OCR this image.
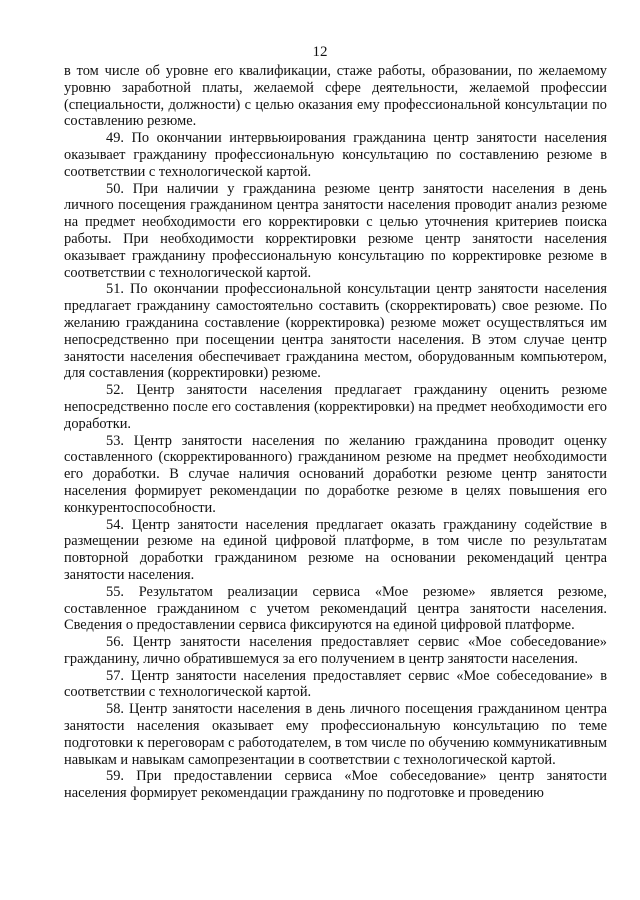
12

в том числе об уровне его квалификации, стаже работы, образовании, по желаемому уровню заработной платы, желаемой сфере деятельности, желаемой профессии (специальности, должности) с целью оказания ему профессиональной консультации по составлению резюме.

49. По окончании интервьюирования гражданина центр занятости населения оказывает гражданину профессиональную консультацию по составлению резюме в соответствии с технологической картой.

50. При наличии у гражданина резюме центр занятости населения в день личного посещения гражданином центра занятости населения проводит анализ резюме на предмет необходимости его корректировки с целью уточнения критериев поиска работы. При необходимости корректировки резюме центр занятости населения оказывает гражданину профессиональную консультацию по корректировке резюме в соответствии с технологической картой.

51. По окончании профессиональной консультации центр занятости населения предлагает гражданину самостоятельно составить (скорректировать) свое резюме. По желанию гражданина составление (корректировка) резюме может осуществляться им непосредственно при посещении центра занятости населения. В этом случае центр занятости населения обеспечивает гражданина местом, оборудованным компьютером, для составления (корректировки) резюме.

52. Центр занятости населения предлагает гражданину оценить резюме непосредственно после его составления (корректировки) на предмет необходимости его доработки.

53. Центр занятости населения по желанию гражданина проводит оценку составленного (скорректированного) гражданином резюме на предмет необходимости его доработки. В случае наличия оснований доработки резюме центр занятости населения формирует рекомендации по доработке резюме в целях повышения его конкурентоспособности.

54. Центр занятости населения предлагает оказать гражданину содействие в размещении резюме на единой цифровой платформе, в том числе по результатам повторной доработки гражданином резюме на основании рекомендаций центра занятости населения.

55. Результатом реализации сервиса «Мое резюме» является резюме, составленное гражданином с учетом рекомендаций центра занятости населения. Сведения о предоставлении сервиса фиксируются на единой цифровой платформе.

56. Центр занятости населения предоставляет сервис «Мое собеседование» гражданину, лично обратившемуся за его получением в центр занятости населения.

57. Центр занятости населения предоставляет сервис «Мое собеседование» в соответствии с технологической картой.

58. Центр занятости населения в день личного посещения гражданином центра занятости населения оказывает ему профессиональную консультацию по теме подготовки к переговорам с работодателем, в том числе по обучению коммуникативным навыкам и навыкам самопрезентации в соответствии с технологической картой.

59. При предоставлении сервиса «Мое собеседование» центр занятости населения формирует рекомендации гражданину по подготовке и проведению
